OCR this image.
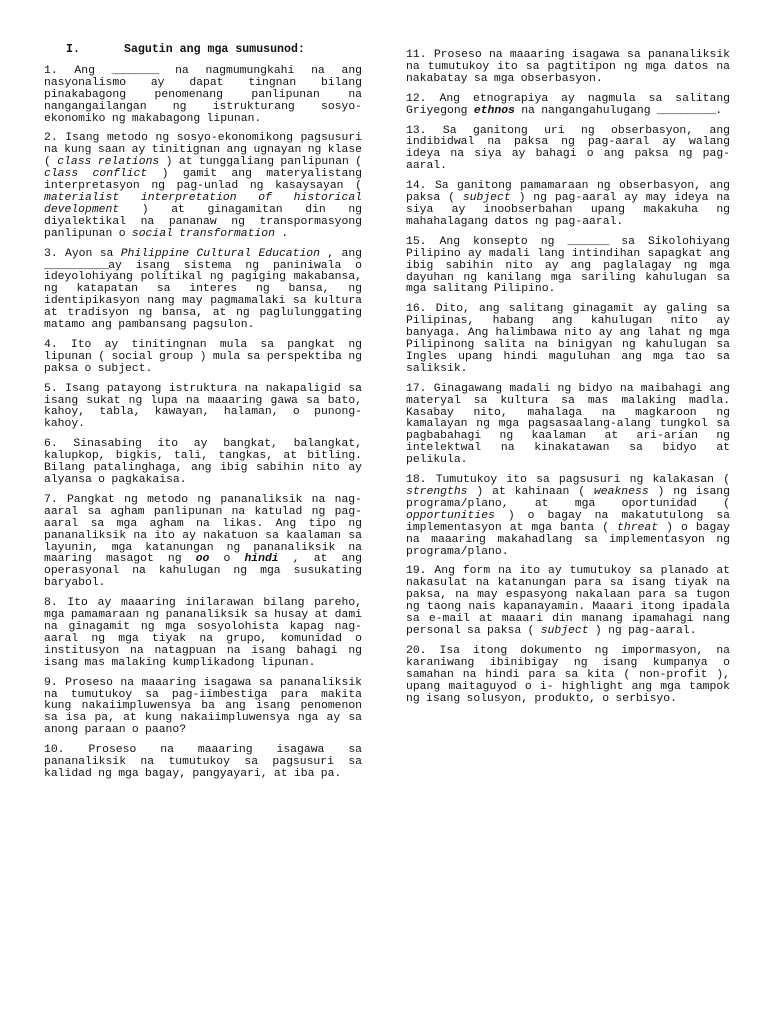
I.	Sagutin ang mga sumusunod:
1. Ang ________ na nagmumungkahi na ang nasyonalismo ay dapat tingnan bilang pinakabagong penomenang panlipunan na nangangailangan ng istrukturang sosyo-ekonomiko ng makabagong lipunan.
2. Isang metodo ng sosyo-ekonomikong pagsusuri na kung saan ay tinitignan ang ugnayan ng klase ( class relations ) at tunggaliang panlipunan ( class conflict ) gamit ang materyalistang interpretasyon ng pag-unlad ng kasaysayan ( materialist interpretation of historical development ) at ginagamitan din ng diyalektikal na pananaw ng transpormasyong panlipunan o social transformation .
3. Ayon sa Philippine Cultural Education , ang ___________ay isang sistema ng paniniwala o ideyolohiyang politikal ng pagiging makabansa, ng katapatan sa interes ng bansa, ng identipikasyon nang may pagmamalaki sa kultura at tradisyon ng bansa, at ng paglulunggating matamo ang pambansang pagsulon.
4. Ito ay tinitingnan mula sa pangkat ng lipunan ( social group ) mula sa perspektiba ng paksa o subject.
5. Isang patayong istruktura na nakapaligid sa isang sukat ng lupa na maaaring gawa sa bato, kahoy, tabla, kawayan, halaman, o punong-kahoy.
6. Sinasabing ito ay bangkat, balangkat, kalupkop, bigkis, tali, tangkas, at bitling. Bilang patalinghaga, ang ibig sabihin nito ay alyansa o pagkakaisa.
7. Pangkat ng metodo ng pananaliksik na nag-aaral sa agham panlipunan na katulad ng pag-aaral sa mga agham na likas. Ang tipo ng pananaliksik na ito ay nakatuon sa kaalaman sa layunin, mga katanungan ng pananaliksik na maaring masagot ng oo o hindi , at ang operasyonal na kahulugan ng mga susukating baryabol.
8. Ito ay maaaring inilarawan bilang pareho, mga pamamaraan ng pananaliksik sa husay at dami na ginagamit ng mga sosyolohista kapag nag-aaral ng mga tiyak na grupo, komunidad o institusyon na natagpuan na isang bahagi ng isang mas malaking kumplikadong lipunan.
9. Proseso na maaaring isagawa sa pananaliksik na tumutukoy sa pag-iimbestiga para makita kung nakaiimpluwensya ba ang isang penomenon sa isa pa, at kung nakaiimpluwensya nga ay sa anong paraan o paano?
10. Proseso na maaaring isagawa sa pananaliksik na tumutukoy sa pagsusuri sa kalidad ng mga bagay, pangyayari, at iba pa.
11. Proseso na maaaring isagawa sa pananaliksik na tumutukoy ito sa pagtitipon ng mga datos na nakabatay sa mga obserbasyon.
12. Ang etnograpiya ay nagmula sa salitang Griyegong ethnos na nangangahulugang __________.
13. Sa ganitong uri ng obserbasyon, ang indibidwal na paksa ng pag-aaral ay walang ideya na siya ay bahagi o ang paksa ng pag-aaral.
14. Sa ganitong pamamaraan ng obserbasyon, ang paksa ( subject ) ng pag-aaral ay may ideya na siya ay inoobserbahan upang makakuha ng mahahalagang datos ng pag-aaral.
15. Ang konsepto ng _______ sa Sikolohiyang Pilipino ay madali lang intindihan sapagkat ang ibig sabihin nito ay ang paglalagay ng mga dayuhan ng kanilang mga sariling kahulugan sa mga salitang Pilipino.
16. Dito, ang salitang ginagamit ay galing sa Pilipinas, habang ang kahulugan nito ay banyaga. Ang halimbawa nito ay ang lahat ng mga Pilipinong salita na binigyan ng kahulugan sa Ingles upang hindi maguluhan ang mga tao sa saliksik.
17. Ginagawang madali ng bidyo na maibahagi ang materyal sa kultura sa mas malaking madla. Kasabay nito, mahalaga na magkaroon ng kamalayan ng mga pagsasaalang-alang tungkol sa pagbabahagi ng kaalaman at ari-arian ng intelektwal na kinakatawan sa bidyo at pelikula.
18. Tumutukoy ito sa pagsusuri ng kalakasan ( strengths ) at kahinaan ( weakness ) ng isang programa/plano, at mga oportunidad ( opportunities ) o bagay na makatutulong sa implementasyon at mga banta ( threat ) o bagay na maaaring makahadlang sa implementasyon ng programa/plano.
19. Ang form na ito ay tumutukoy sa planado at nakasulat na katanungan para sa isang tiyak na paksa, na may espasyong nakalaan para sa tugon ng taong nais kapanayamin. Maaari itong ipadala sa e-mail at maaari din manang ipamahagi nang personal sa paksa ( subject ) ng pag-aaral.
20. Isa itong dokumento ng impormasyon, na karaniwang ibinibigay ng isang kumpanya o samahan na hindi para sa kita ( non-profit ), upang maitaguyod o i- highlight ang mga tampok ng isang solusyon, produkto, o serbisyo.
